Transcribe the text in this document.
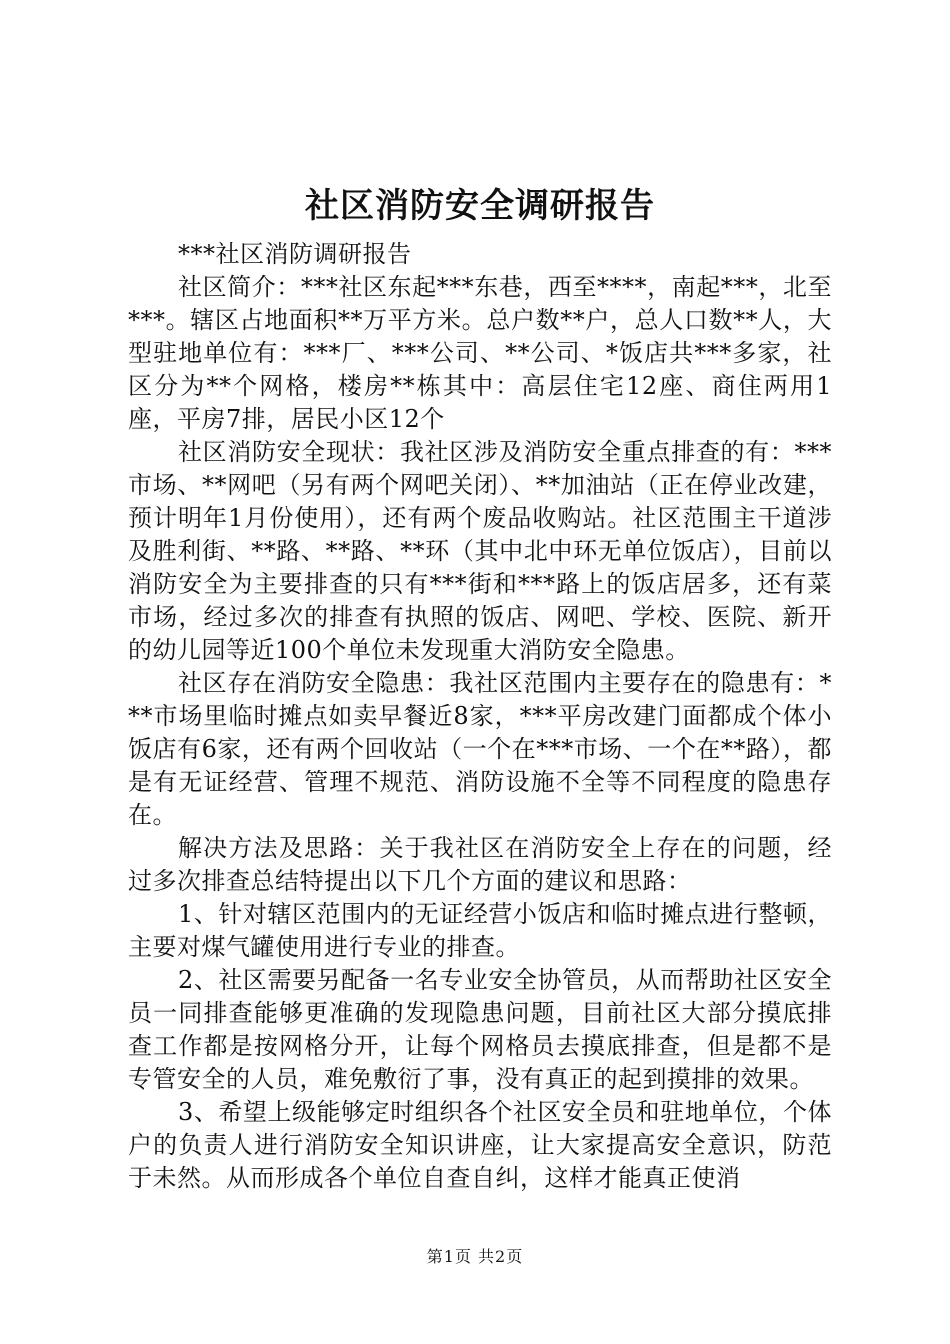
社区消防安全调研报告

***社区消防调研报告

社区简介：***社区东起***东巷，西至****，南起***，北至***。辖区占地面积**万平方米。总户数**户，总人口数**人，大型驻地单位有：***厂、***公司、**公司、*饭店共***多家，社区分为**个网格，楼房**栋其中：高层住宅12座、商住两用1座，平房7排，居民小区12个

社区消防安全现状：我社区涉及消防安全重点排查的有：***市场、**网吧（另有两个网吧关闭）、**加油站（正在停业改建，预计明年1月份使用），还有两个废品收购站。社区范围主干道涉及胜利街、**路、**路、**环（其中北中环无单位饭店），目前以消防安全为主要排查的只有***街和***路上的饭店居多，还有菜市场，经过多次的排查有执照的饭店、网吧、学校、医院、新开的幼儿园等近100个单位未发现重大消防安全隐患。

社区存在消防安全隐患：我社区范围内主要存在的隐患有：***市场里临时摊点如卖早餐近8家，***平房改建门面都成个体小饭店有6家，还有两个回收站（一个在***市场、一个在**路），都是有无证经营、管理不规范、消防设施不全等不同程度的隐患存在。

解决方法及思路：关于我社区在消防安全上存在的问题，经过多次排查总结特提出以下几个方面的建议和思路：

1、针对辖区范围内的无证经营小饭店和临时摊点进行整顿，主要对煤气罐使用进行专业的排查。

2、社区需要另配备一名专业安全协管员，从而帮助社区安全员一同排查能够更准确的发现隐患问题，目前社区大部分摸底排查工作都是按网格分开，让每个网格员去摸底排查，但是都不是专管安全的人员，难免敷衍了事，没有真正的起到摸排的效果。

3、希望上级能够定时组织各个社区安全员和驻地单位，个体户的负责人进行消防安全知识讲座，让大家提高安全意识，防范于未然。从而形成各个单位自查自纠，这样才能真正使消

第1页 共2页
